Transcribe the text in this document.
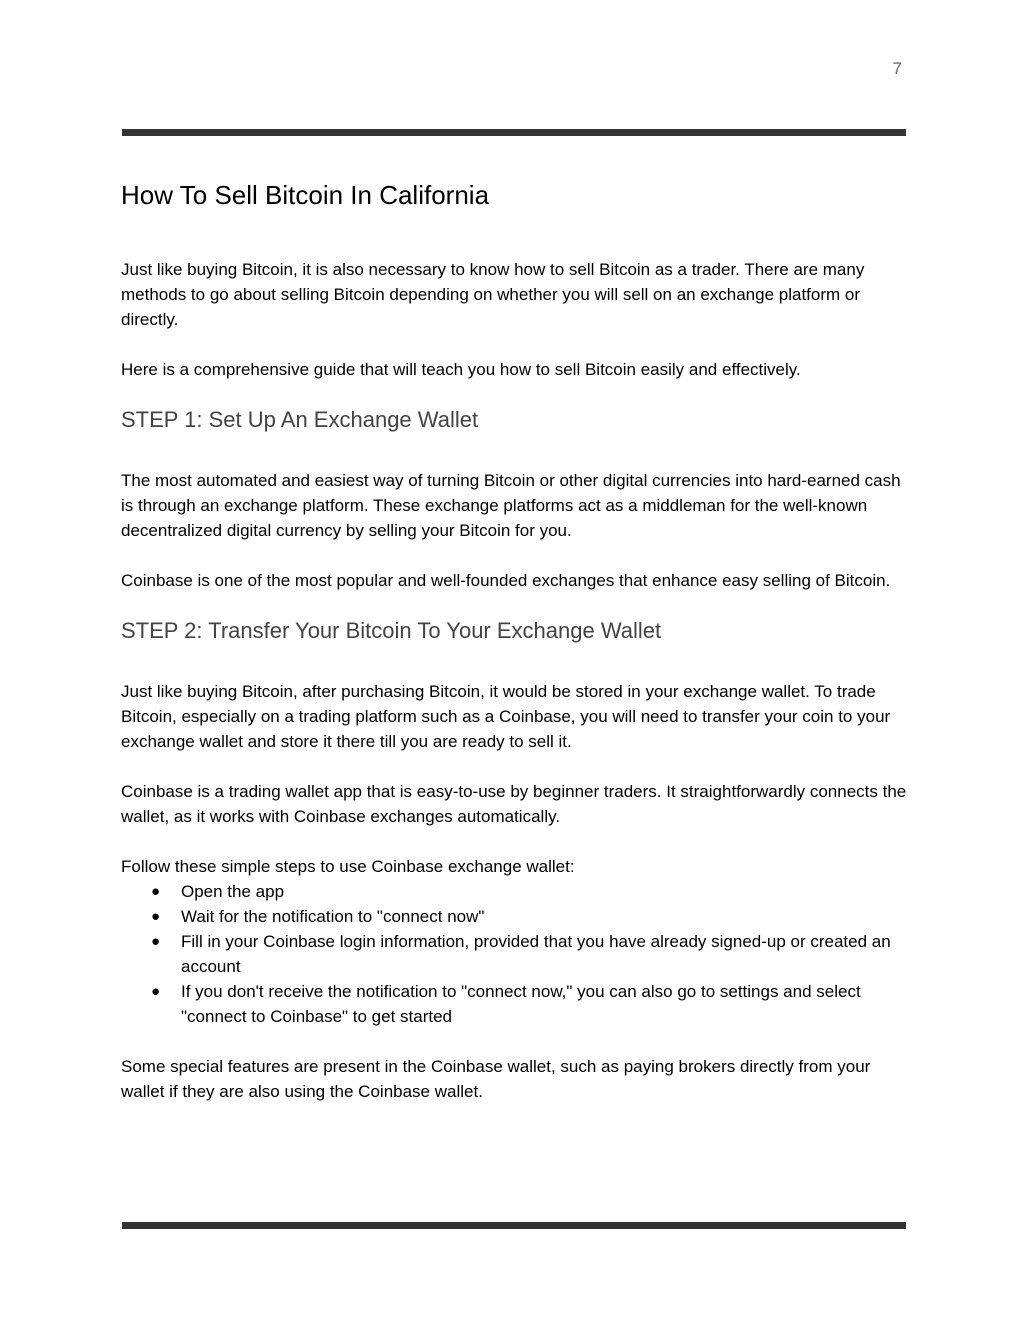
7
How To Sell Bitcoin In California

Just like buying Bitcoin, it is also necessary to know how to sell Bitcoin as a trader. There are many methods to go about selling Bitcoin depending on whether you will sell on an exchange platform or directly.

Here is a comprehensive guide that will teach you how to sell Bitcoin easily and effectively.

STEP 1: Set Up An Exchange Wallet

The most automated and easiest way of turning Bitcoin or other digital currencies into hard-earned cash is through an exchange platform. These exchange platforms act as a middleman for the well-known decentralized digital currency by selling your Bitcoin for you.

Coinbase is one of the most popular and well-founded exchanges that enhance easy selling of Bitcoin.

STEP 2: Transfer Your Bitcoin To Your Exchange Wallet

Just like buying Bitcoin, after purchasing Bitcoin, it would be stored in your exchange wallet. To trade Bitcoin, especially on a trading platform such as a Coinbase, you will need to transfer your coin to your exchange wallet and store it there till you are ready to sell it.

Coinbase is a trading wallet app that is easy-to-use by beginner traders. It straightforwardly connects the wallet, as it works with Coinbase exchanges automatically.

Follow these simple steps to use Coinbase exchange wallet:

● Open the app
● Wait for the notification to "connect now"
● Fill in your Coinbase login information, provided that you have already signed-up or created an account
● If you don't receive the notification to "connect now," you can also go to settings and select "connect to Coinbase" to get started

Some special features are present in the Coinbase wallet, such as paying brokers directly from your wallet if they are also using the Coinbase wallet.
